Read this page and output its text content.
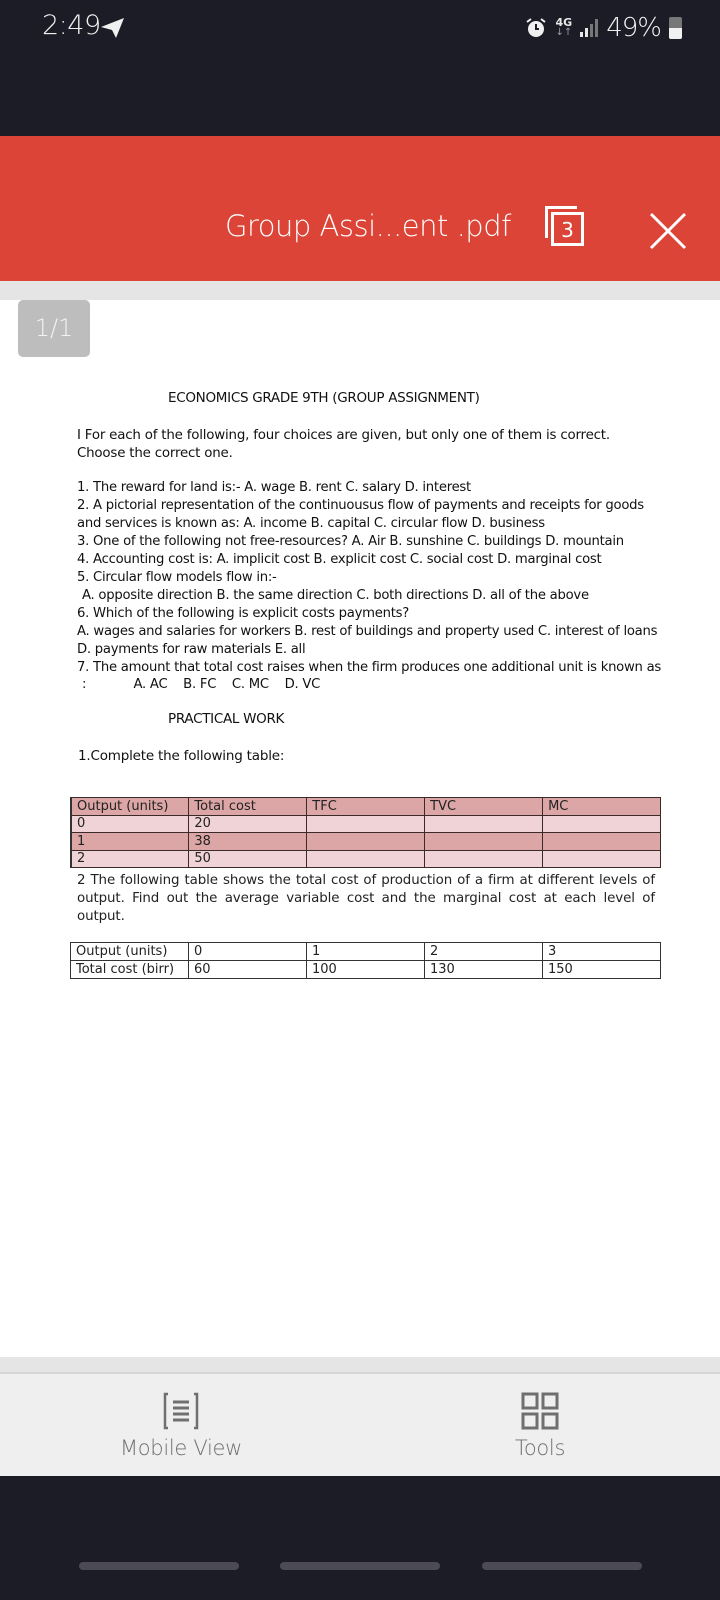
2:49	4G
↓↑ 49%
Group Assi...ent .pdf	3
ECONOMICS GRADE 9TH (GROUP ASSIGNMENT)
I For each of the following, four choices are given, but only one of them is correct. Choose the correct one.
1. The reward for land is:- A. wage B. rent C. salary D. interest
2. A pictorial representation of the continuousus flow of payments and receipts for goods
and services is known as: A. income B. capital C. circular flow D. business
3. One of the following not free-resources? A. Air B. sunshine C. buildings D. mountain
4. Accounting cost is: A. implicit cost B. explicit cost C. social cost D. marginal cost
5. Circular flow models flow in:-
A. opposite direction B. the same direction C. both directions D. all of the above
6. Which of the following is explicit costs payments?
A. wages and salaries for workers B. rest of buildings and property used C. interest of loans
D. payments for raw materials E. all
7. The amount that total cost raises when the firm produces one additional unit is known as
:            A. AC    B. FC    C. MC    D. VC
PRACTICAL WORK
1.Complete the following table:
Output (units)	Total cost	TFC	TVC	MC
0	20			
1	38			
2	50			
2 The following table shows the total cost of production of a firm at different levels of output. Find out the average variable cost and the marginal cost at each level of output.
Output (units)	0	1	2	3
Total cost (birr)	60	100	130	150
1/1
Mobile View	Tools
